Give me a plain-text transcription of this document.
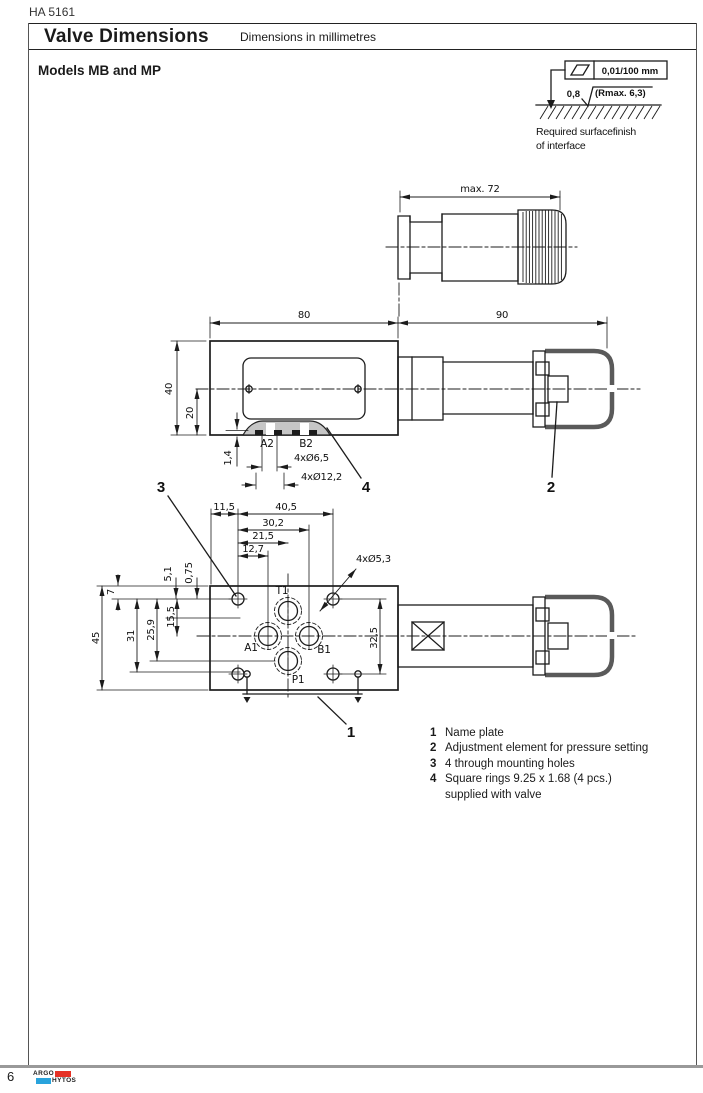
HA 5161
Valve Dimensions	Dimensions in millimetres
Models MB and MP	0,01/100 mm
0,8 (Rmax. 6,3)
Required surfacefinish
of interface
max. 72
80	90
40
20
A2 B2
1,4	4xØ6,5
4xØ12,2
2
4
3
11,5	40,5
30,2
21,5
12,7
4xØ5,3
T1
A1	B1
P1
45
7
31 25,9
15,5
5,1 0,75
32,5
1	1 Name plate
2 Adjustment element for pressure setting
3 4 through mounting holes
4 Square rings 9.25 x 1.68 (4 pcs.)
supplied with valve
6	ARGO
HYTOS
